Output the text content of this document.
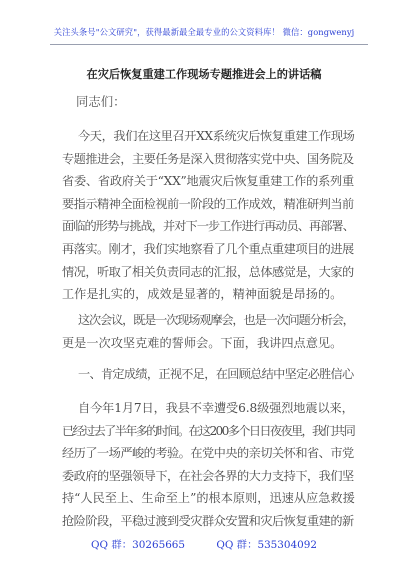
关注头条号"公文研究"，获得最新最全最专业的公文资料库！ 微信：gongwenyj
在灾后恢复重建工作现场专题推进会上的讲话稿
同志们：
今天，我们在这里召开XX系统灾后恢复重建工作现场
专题推进会，主要任务是深入贯彻落实党中央、国务院及
省委、省政府关于“XX”地震灾后恢复重建工作的系列重
要指示精神全面检视前一阶段的工作成效，精准研判当前
面临的形势与挑战，并对下一步工作进行再动员、再部署、
再落实。刚才，我们实地察看了几个重点重建项目的进展
情况，听取了相关负责同志的汇报，总体感觉是，大家的
工作是扎实的，成效是显著的，精神面貌是昂扬的。
这次会议，既是一次现场观摩会，也是一次问题分析会，
更是一次攻坚克难的誓师会。下面，我讲四点意见。
一、肯定成绩，正视不足，在回顾总结中坚定必胜信心
自今年1月7日，我县不幸遭受6.8级强烈地震以来，
已经过去了半年多的时间。在这200多个日日夜夜里，我们共同
经历了一场严峻的考验。在党中央的亲切关怀和省、市党
委政府的坚强领导下，在社会各界的大力支持下，我们坚
持“人民至上、生命至上”的根本原则，迅速从应急救援
抢险阶段，平稳过渡到受灾群众安置和灾后恢复重建的新
QQ 群：30265665	QQ 群：535304092
